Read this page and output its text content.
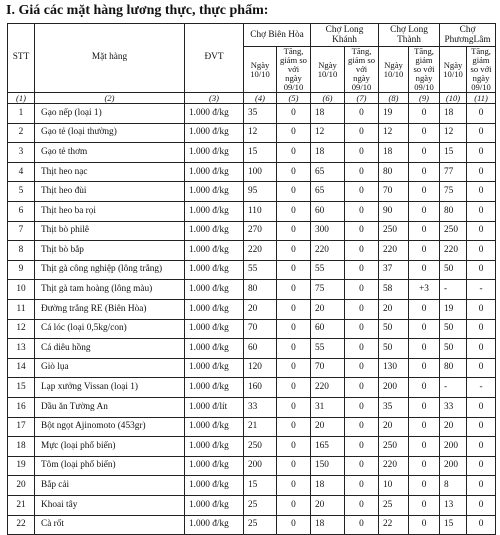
I. Giá các mặt hàng lương thực, thực phẩm:
STT	Mặt hàng	ĐVT	Chợ Biên Hòa		Chợ Long Khánh		Chợ Long Thành		Chợ PhươngLâm	
			Ngày 10/10	Tăng, giảm so với ngày 09/10	Ngày 10/10	Tăng, giảm so với ngày 09/10	Ngày 10/10	Tăng, giảm so với ngày 09/10	Ngày 10/10	Tăng, giảm so với ngày 09/10
(1)	(2)	(3)	(4)	(5)	(6)	(7)	(8)	(9)	(10)	(11)
1	Gạo nếp (loại 1)	1.000 đ/kg	35	0	18	0	19	0	18	0
2	Gạo tẻ (loại thường)	1.000 đ/kg	12	0	12	0	12	0	12	0
3	Gạo tẻ thơm	1.000 đ/kg	15	0	18	0	18	0	15	0
4	Thịt heo nạc	1.000 đ/kg	100	0	65	0	80	0	77	0
5	Thịt heo đùi	1.000 đ/kg	95	0	65	0	70	0	75	0
6	Thịt heo ba rọi	1.000 đ/kg	110	0	60	0	90	0	80	0
7	Thịt bò philê	1.000 đ/kg	270	0	300	0	250	0	250	0
8	Thịt bò bắp	1.000 đ/kg	220	0	220	0	220	0	220	0
9	Thịt gà công nghiệp (lông trắng)	1.000 đ/kg	55	0	55	0	37	0	50	0
10	Thịt gà tam hoàng (lông màu)	1.000 đ/kg	80	0	75	0	58	+3	-	-
11	Đường trắng RE (Biên Hòa)	1.000 đ/kg	20	0	20	0	20	0	19	0
12	Cá lóc (loại 0,5kg/con)	1.000 đ/kg	70	0	60	0	50	0	50	0
13	Cá diêu hồng	1.000 đ/kg	60	0	55	0	50	0	50	0
14	Giò lụa	1.000 đ/kg	120	0	70	0	130	0	80	0
15	Lạp xưởng Vissan (loại 1)	1.000 đ/kg	160	0	220	0	200	0	-	-
16	Dầu ăn Tường An	1.000 đ/lít	33	0	31	0	35	0	33	0
17	Bột ngọt Ajinomoto (453gr)	1.000 đ/kg	21	0	20	0	20	0	20	0
18	Mực (loại phổ biến)	1.000 đ/kg	250	0	165	0	250	0	200	0
19	Tôm (loại phổ biến)	1.000 đ/kg	200	0	150	0	220	0	200	0
20	Bắp cải	1.000 đ/kg	15	0	18	0	10	0	8	0
21	Khoai tây	1.000 đ/kg	25	0	20	0	25	0	13	0
22	Cà rốt	1.000 đ/kg	25	0	18	0	22	0	15	0
